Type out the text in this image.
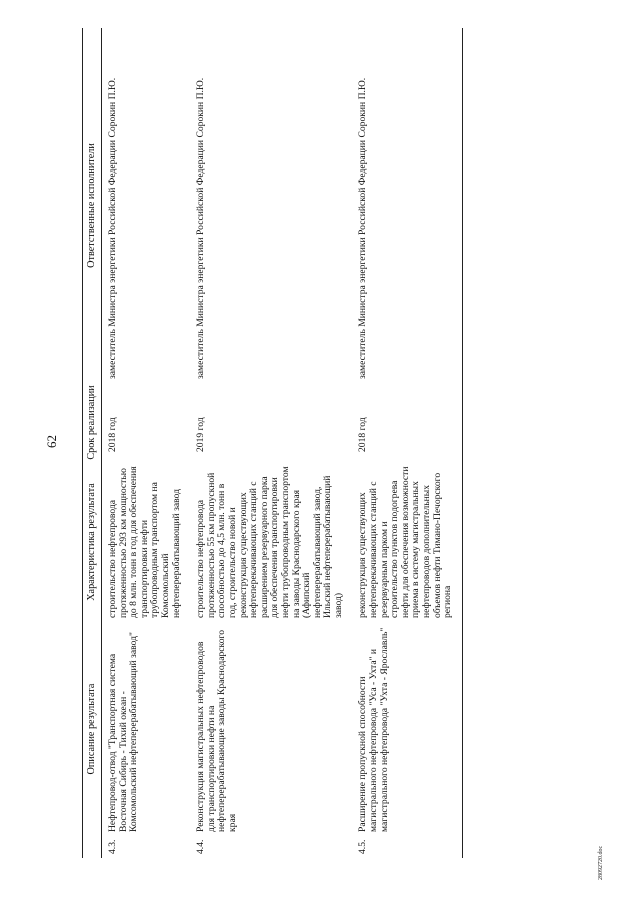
62
	Описание результата	Характеристика результата	Срок реализации	Ответственные исполнители
4.3.	Нефтепровод-отвод "Транспортная система Восточная Сибирь - Тихий океан - Комсомольский нефтеперерабатывающий завод"	строительство нефтепровода протяженностью 293 км мощностью до 8 млн. тонн в год для обеспечения транспортировки нефти трубопроводным транспортом на Комсомольский нефтеперерабатывающий завод	2018 год	заместитель Министра энергетики Российской Федерации Сорокин П.Ю.
4.4.	Реконструкция магистральных нефтепроводов для транспортировки нефти на нефтеперерабатывающие заводы Краснодарского края	строительство нефтепровода протяженностью 55 км пропускной способностью до 4,5 млн. тонн в год, строительство новой и реконструкция существующих нефтеперекачивающих станций с расширением резервуарного парка для обеспечения транспортировки нефти трубопроводным транспортом на заводы Краснодарского края (Афипский нефтеперерабатывающий завод, Ильский нефтеперерабатывающий завод)	2019 год	заместитель Министра энергетики Российской Федерации Сорокин П.Ю.
4.5.	Расширение пропускной способности магистрального нефтепровода "Уса - Ухта" и магистрального нефтепровода "Ухта - Ярославль"	реконструкция существующих нефтеперекачивающих станций с резервуарным парком и строительство пунктов подогрева нефти для обеспечения возможности приема в систему магистральных нефтепроводов дополнительных объемов нефти Тимано-Печорского региона	2018 год	заместитель Министра энергетики Российской Федерации Сорокин П.Ю.
28092720.doc
